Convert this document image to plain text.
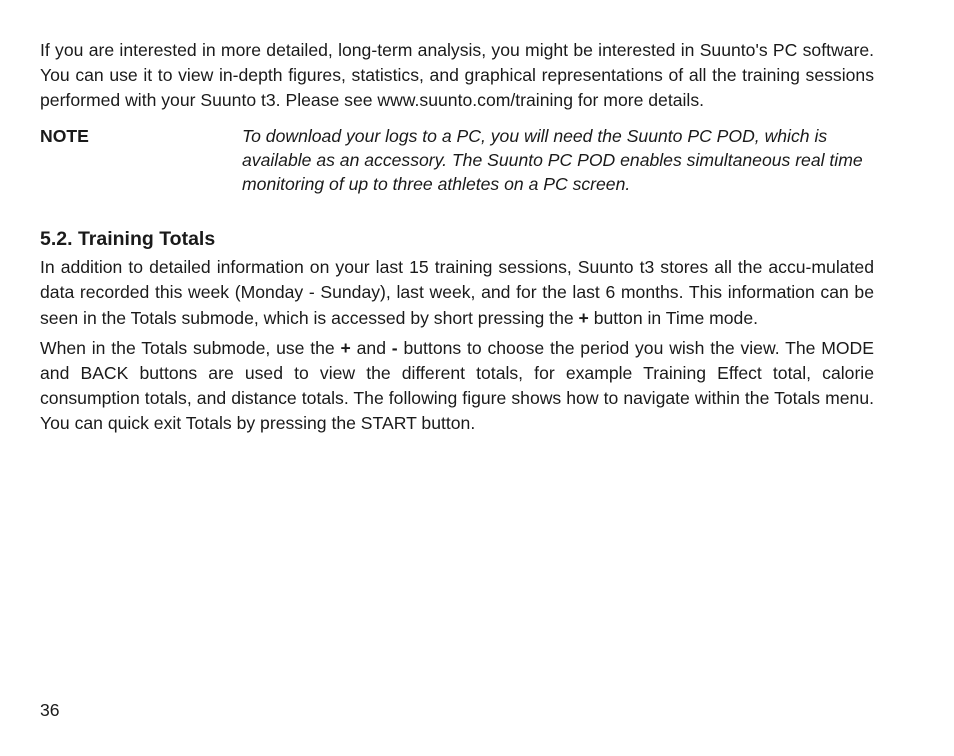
If you are interested in more detailed, long-term analysis, you might be interested in Suunto's PC software. You can use it to view in-depth figures, statistics, and graphical representations of all the training sessions performed with your Suunto t3. Please see www.suunto.com/training for more details.

NOTE	To download your logs to a PC, you will need the Suunto PC POD, which is available as an accessory. The Suunto PC POD enables simultaneous real time monitoring of up to three athletes on a PC screen.
5.2. Training Totals

In addition to detailed information on your last 15 training sessions, Suunto t3 stores all the accu-mulated data recorded this week (Monday - Sunday), last week, and for the last 6 months. This information can be seen in the Totals submode, which is accessed by short pressing the + button in Time mode.

When in the Totals submode, use the + and - buttons to choose the period you wish the view. The MODE and BACK buttons are used to view the different totals, for example Training Effect total, calorie consumption totals, and distance totals. The following figure shows how to navigate within the Totals menu. You can quick exit Totals by pressing the START button.

36
